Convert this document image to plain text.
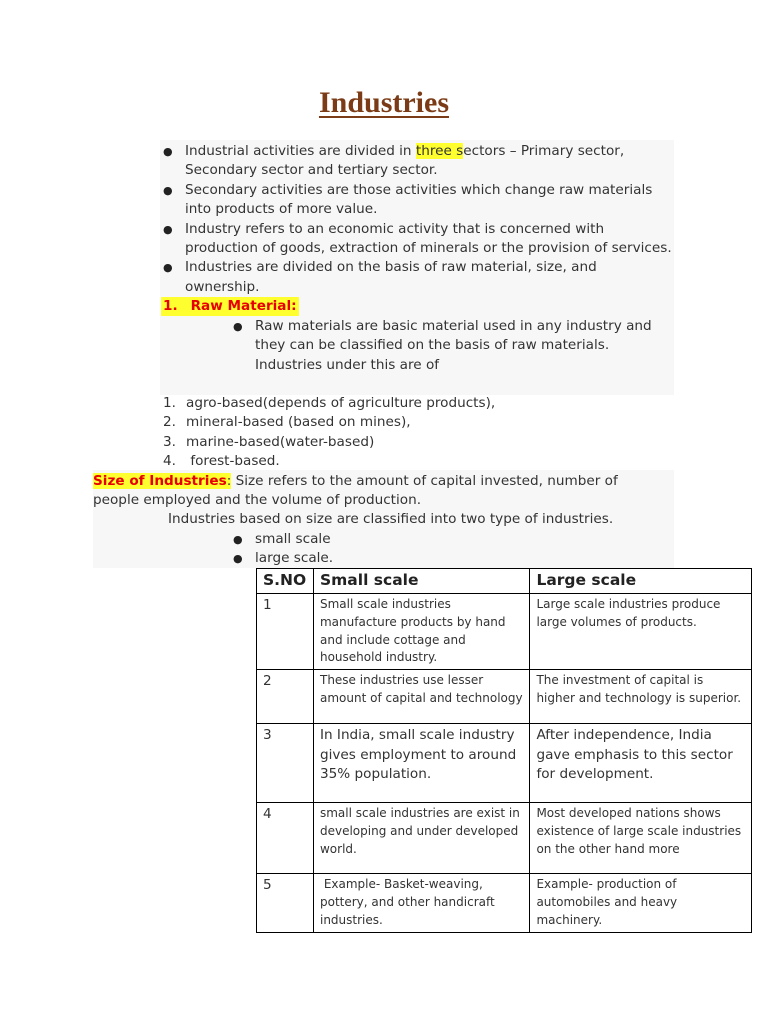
Industries
● Industrial activities are divided in three sectors – Primary sector, Secondary sector and tertiary sector.
● Secondary activities are those activities which change raw materials into products of more value.
● Industry refers to an economic activity that is concerned with production of goods, extraction of minerals or the provision of services.
● Industries are divided on the basis of raw material, size, and ownership.
1. Raw Material:
● Raw materials are basic material used in any industry and they can be classified on the basis of raw materials. Industries under this are of
1. agro-based(depends of agriculture products),
2. mineral-based (based on mines),
3. marine-based(water-based)
4. forest-based.
Size of Industries: Size refers to the amount of capital invested, number of people employed and the volume of production.
Industries based on size are classified into two type of industries.
● small scale
● large scale.
S.NO	Small scale	Large scale
1	Small scale industries manufacture products by hand and include cottage and household industry.	Large scale industries produce large volumes of products.
2	These industries use lesser amount of capital and technology	The investment of capital is higher and technology is superior.
3	In India, small scale industry gives employment to around 35% population.	After independence, India gave emphasis to this sector for development.
4	small scale industries are exist in developing and under developed world.	Most developed nations shows existence of large scale industries on the other hand more
5	Example- Basket-weaving, pottery, and other handicraft industries.	Example- production of automobiles and heavy machinery.
